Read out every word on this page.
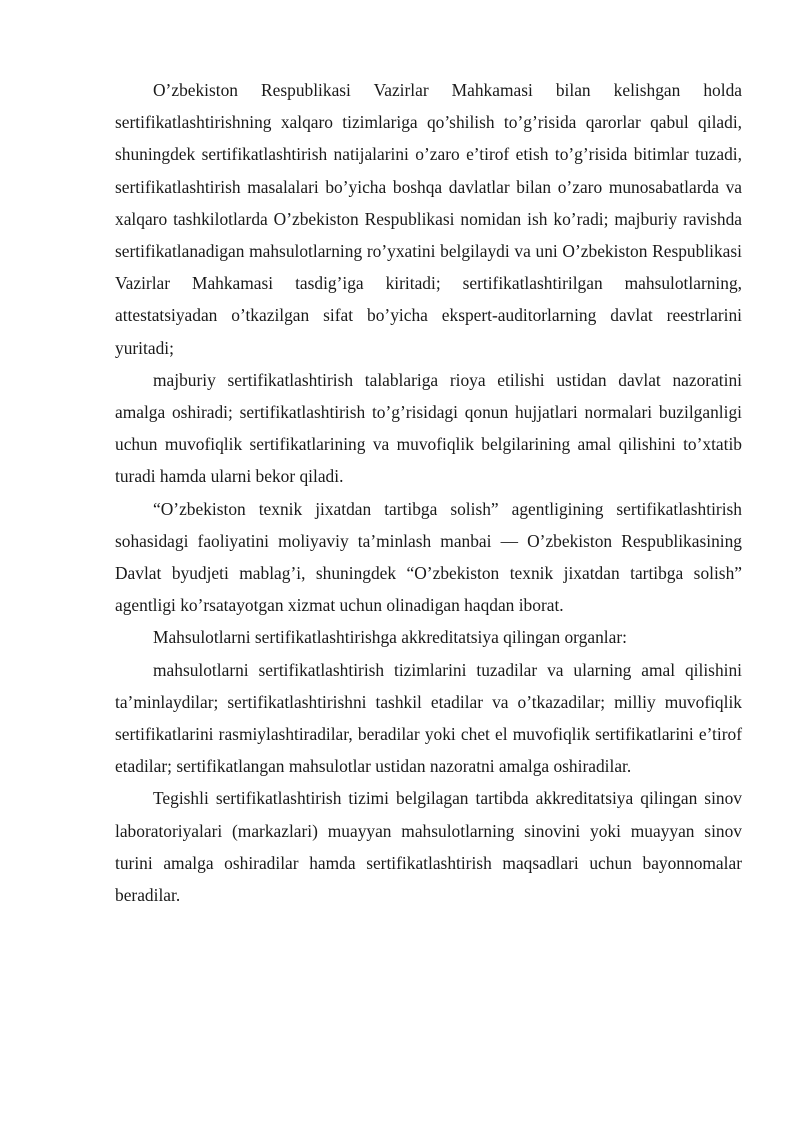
O’zbekiston Respublikasi Vazirlar Mahkamasi bilan kelishgan holda sertifikatlashtirishning xalqaro tizimlariga qo’shilish to’g’risida qarorlar qabul qiladi, shuningdek sertifikatlashtirish natijalarini o’zaro e’tirof etish to’g’risida bitimlar tuzadi, sertifikatlashtirish masalalari bo’yicha boshqa davlatlar bilan o’zaro munosabatlarda va xalqaro tashkilotlarda O’zbekiston Respublikasi nomidan ish ko’radi; majburiy ravishda sertifikatlanadigan mahsulotlarning ro’yxatini belgilaydi va uni O’zbekiston Respublikasi Vazirlar Mahkamasi tasdig’iga kiritadi; sertifikatlashtirilgan mahsulotlarning, attestatsiyadan o’tkazilgan sifat bo’yicha ekspert-auditorlarning davlat reestrlarini yuritadi;

majburiy sertifikatlashtirish talablariga rioya etilishi ustidan davlat nazoratini amalga oshiradi; sertifikatlashtirish to’g’risidagi qonun hujjatlari normalari buzilganligi uchun muvofiqlik sertifikatlarining va muvofiqlik belgilarining amal qilishini to’xtatib turadi hamda ularni bekor qiladi.

“O’zbekiston texnik jixatdan tartibga solish” agentligining sertifikatlashtirish sohasidagi faoliyatini moliyaviy ta’minlash manbai — O’zbekiston Respublikasining Davlat byudjeti mablag’i, shuningdek “O’zbekiston texnik jixatdan tartibga solish” agentligi ko’rsatayotgan xizmat uchun olinadigan haqdan iborat.

Mahsulotlarni sertifikatlashtirishga akkreditatsiya qilingan organlar:

mahsulotlarni sertifikatlashtirish tizimlarini tuzadilar va ularning amal qilishini ta’minlaydilar; sertifikatlashtirishni tashkil etadilar va o’tkazadilar; milliy muvofiqlik sertifikatlarini rasmiylashtiradilar, beradilar yoki chet el muvofiqlik sertifikatlarini e’tirof etadilar; sertifikatlangan mahsulotlar ustidan nazoratni amalga oshiradilar.

Tegishli sertifikatlashtirish tizimi belgilagan tartibda akkreditatsiya qilingan sinov laboratoriyalari (markazlari) muayyan mahsulotlarning sinovini yoki muayyan sinov turini amalga oshiradilar hamda sertifikatlashtirish maqsadlari uchun bayonnomalar beradilar.
